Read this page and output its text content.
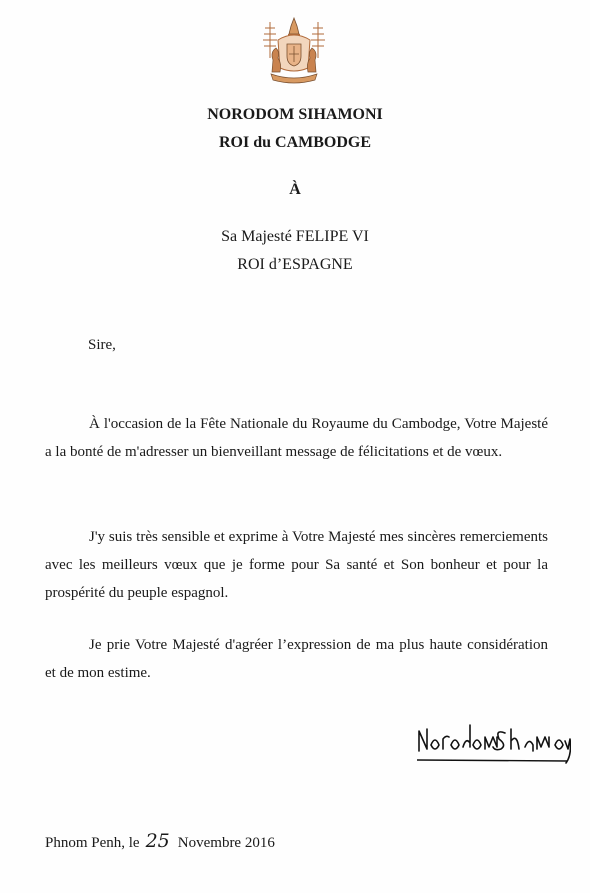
NORODOM SIHAMONI
ROI du CAMBODGE
À
Sa Majesté FELIPE VI
ROI d’ESPAGNE
Sire,

À l'occasion de la Fête Nationale du Royaume du Cambodge, Votre Majesté a la bonté de m'adresser un bienveillant message de félicitations et de vœux.

J'y suis très sensible et exprime à Votre Majesté mes sincères remerciements avec les meilleurs vœux que je forme pour Sa santé et Son bonheur et pour la prospérité du peuple espagnol.

Je prie Votre Majesté d'agréer l’expression de ma plus haute considération et de mon estime.

Phnom Penh, le 25 Novembre 2016
